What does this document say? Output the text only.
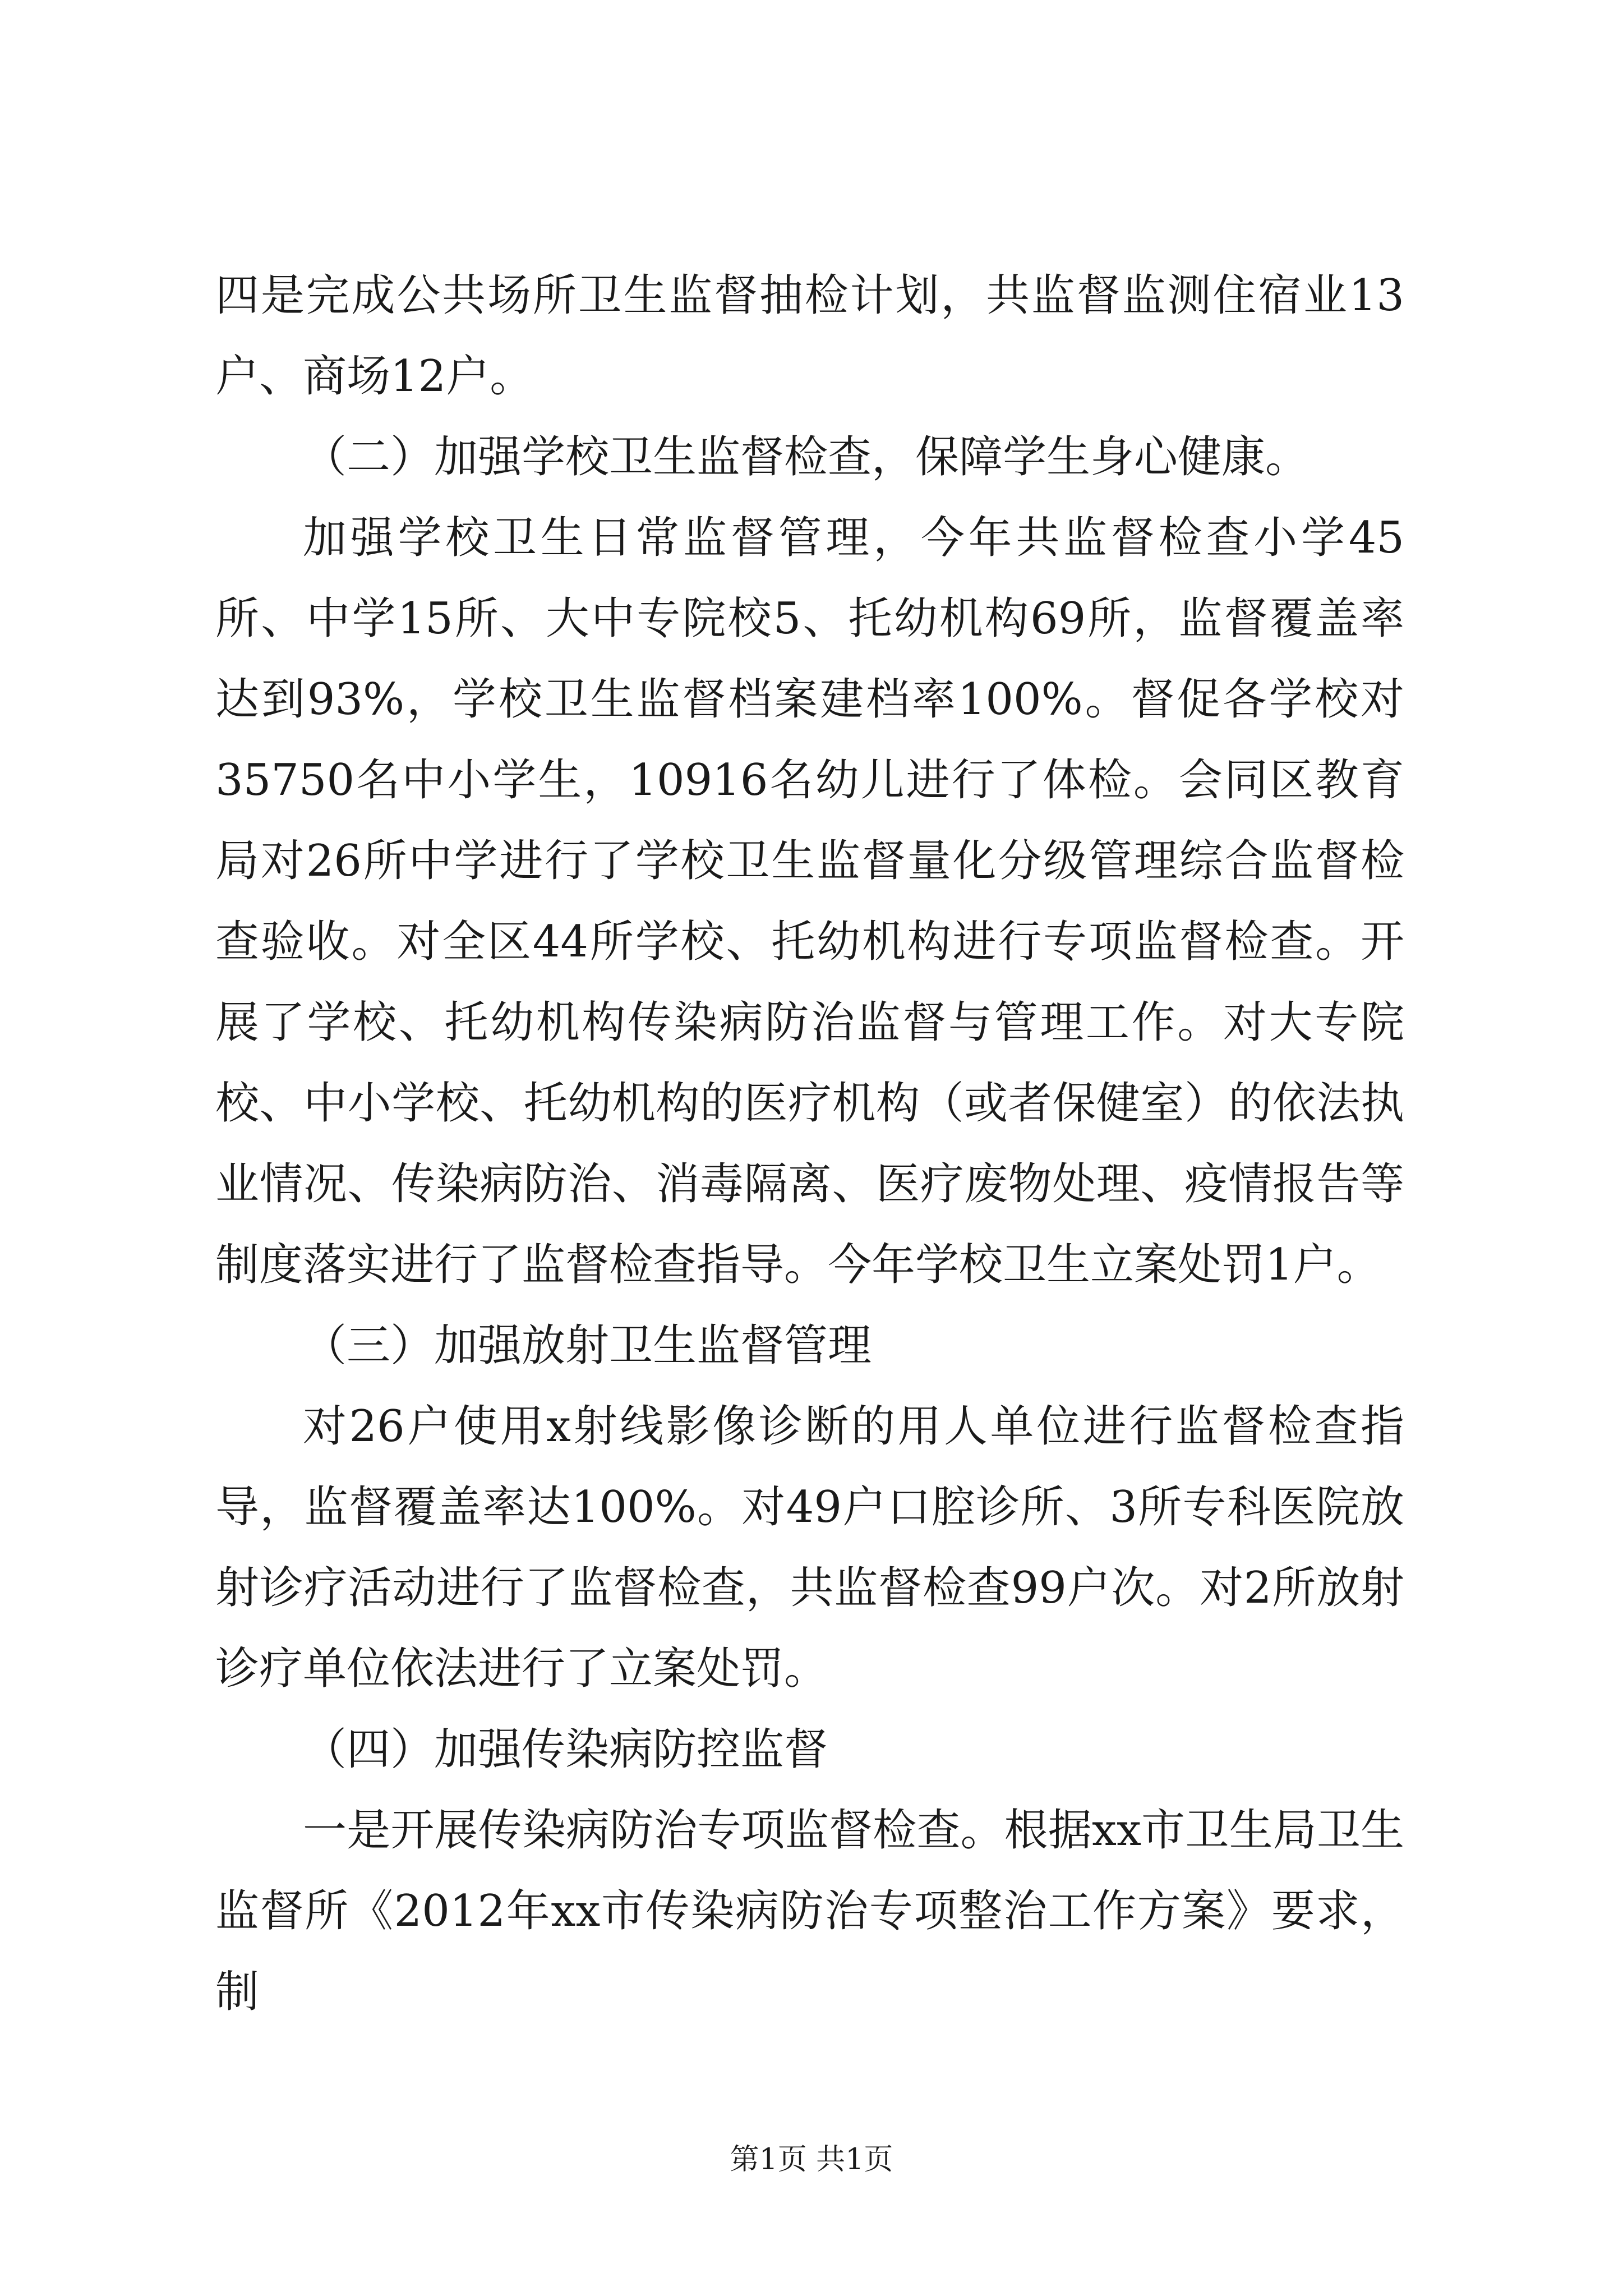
四是完成公共场所卫生监督抽检计划，共监督监测住宿业13户、商场12户。

（二）加强学校卫生监督检查，保障学生身心健康。

加强学校卫生日常监督管理，今年共监督检查小学45所、中学15所、大中专院校5、托幼机构69所，监督覆盖率达到93%，学校卫生监督档案建档率100%。督促各学校对35750名中小学生，10916名幼儿进行了体检。会同区教育局对26所中学进行了学校卫生监督量化分级管理综合监督检查验收。对全区44所学校、托幼机构进行专项监督检查。开展了学校、托幼机构传染病防治监督与管理工作。对大专院校、中小学校、托幼机构的医疗机构（或者保健室）的依法执业情况、传染病防治、消毒隔离、医疗废物处理、疫情报告等制度落实进行了监督检查指导。今年学校卫生立案处罚1户。

（三）加强放射卫生监督管理

对26户使用x射线影像诊断的用人单位进行监督检查指导，监督覆盖率达100%。对49户口腔诊所、3所专科医院放射诊疗活动进行了监督检查，共监督检查99户次。对2所放射诊疗单位依法进行了立案处罚。

（四）加强传染病防控监督

一是开展传染病防治专项监督检查。根据xx市卫生局卫生监督所《2012年xx市传染病防治专项整治工作方案》要求，制

第1页 共1页
